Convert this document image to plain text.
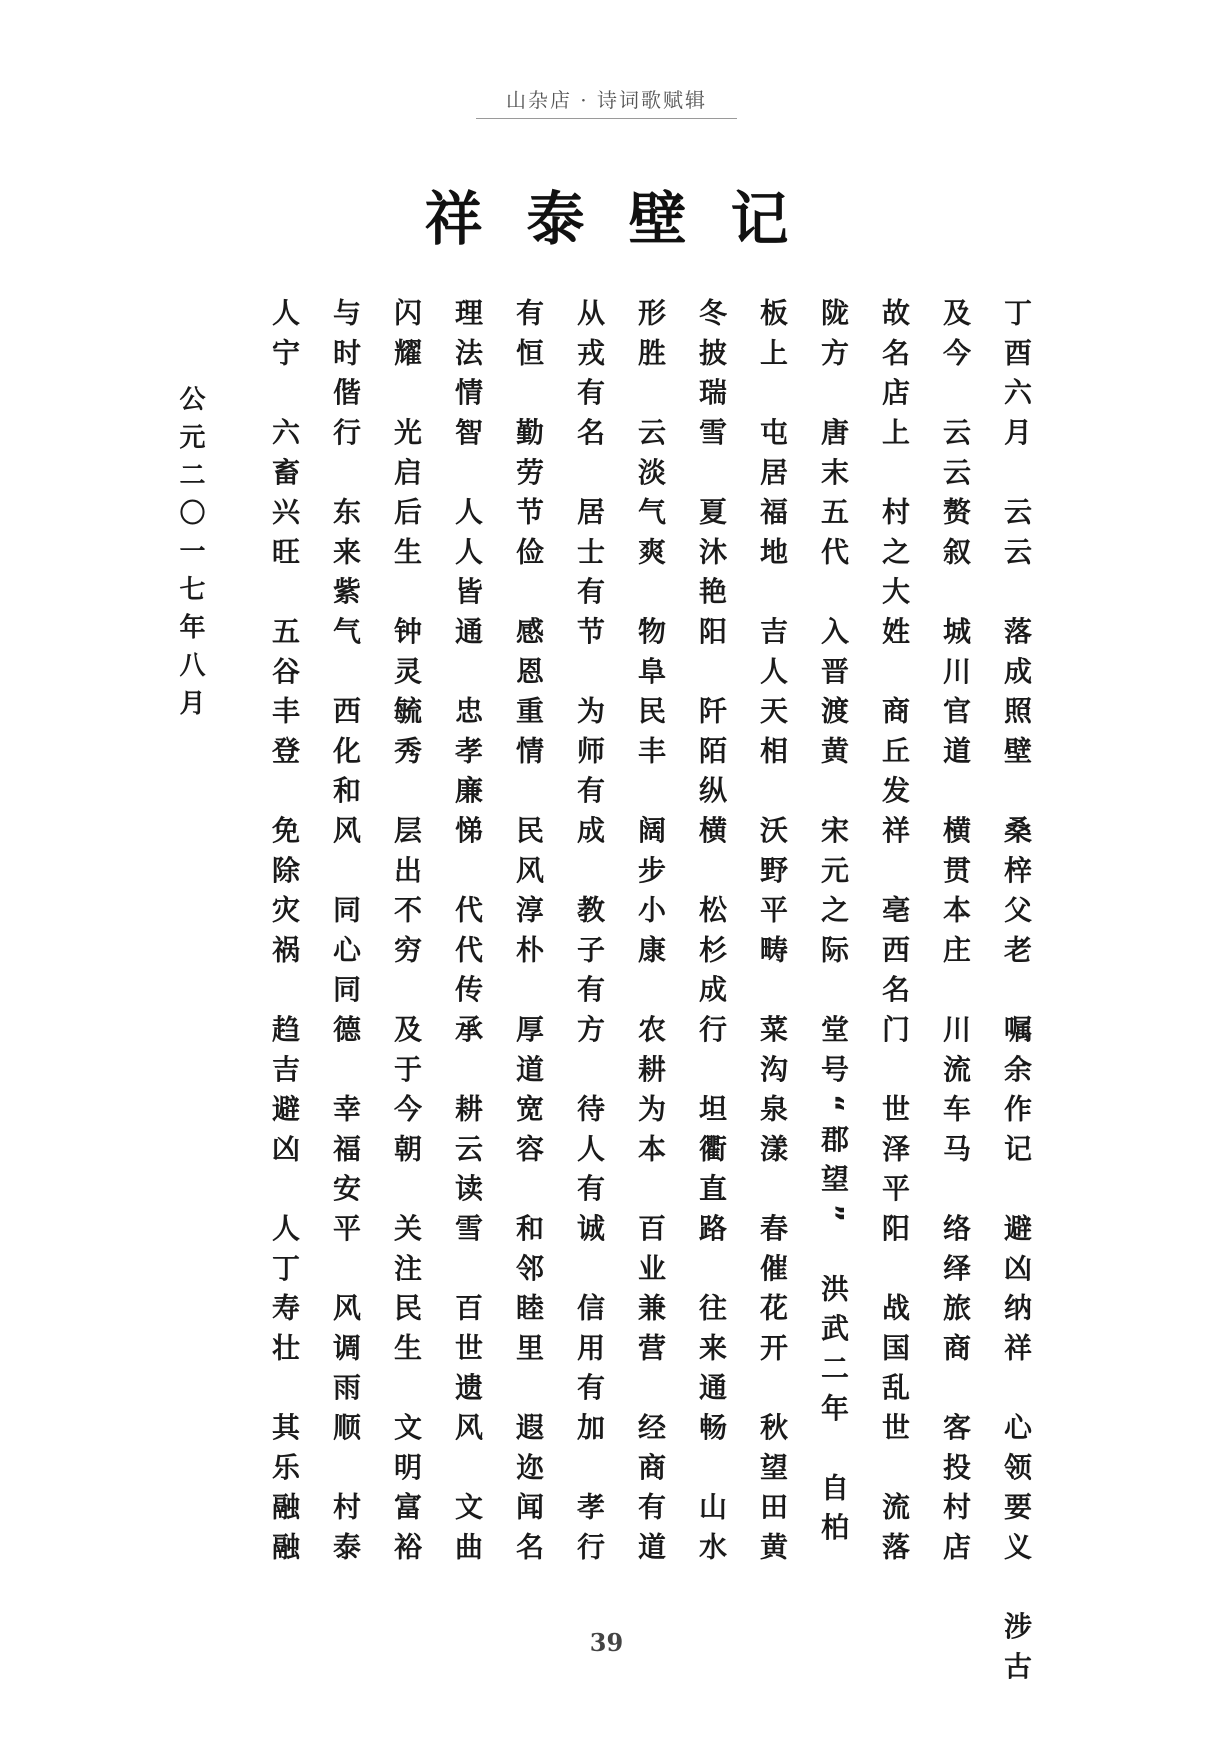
山杂店 · 诗词歌赋辑
祥泰壁记
丁酉六月　云云　落成照壁　桑梓父老　嘱余作记　避凶纳祥　心领要义　涉古
及今　云云赘叙　城川官道　横贯本庄　川流车马　络绎旅商　客投村店
故名店上　村之大姓　商丘发祥　亳西名门　世泽平阳　战国乱世　流落
陇方　唐末五代　入晋渡黄　宋元之际　堂号“郡望”　洪武二年　自柏
板上　屯居福地　吉人天相　沃野平畴　菜沟泉漾　春催花开　秋望田黄
冬披瑞雪　夏沐艳阳　阡陌纵横　松杉成行　坦衢直路　往来通畅　山水
形胜　云淡气爽　物阜民丰　阔步小康　农耕为本　百业兼营　经商有道
从戎有名　居士有节　为师有成　教子有方　待人有诚　信用有加　孝行
有恒　勤劳节俭　感恩重情　民风淳朴　厚道宽容　和邻睦里　遐迩闻名
理法情智　人人皆通　忠孝廉悌　代代传承　耕云读雪　百世遗风　文曲
闪耀　光启后生　钟灵毓秀　层出不穷　及于今朝　关注民生　文明富裕
与时偕行　东来紫气　西化和风　同心同德　幸福安平　风调雨顺　村泰
人宁　六畜兴旺　五谷丰登　免除灾祸　趋吉避凶　人丁寿壮　其乐融融
公元二〇一七年八月
39
